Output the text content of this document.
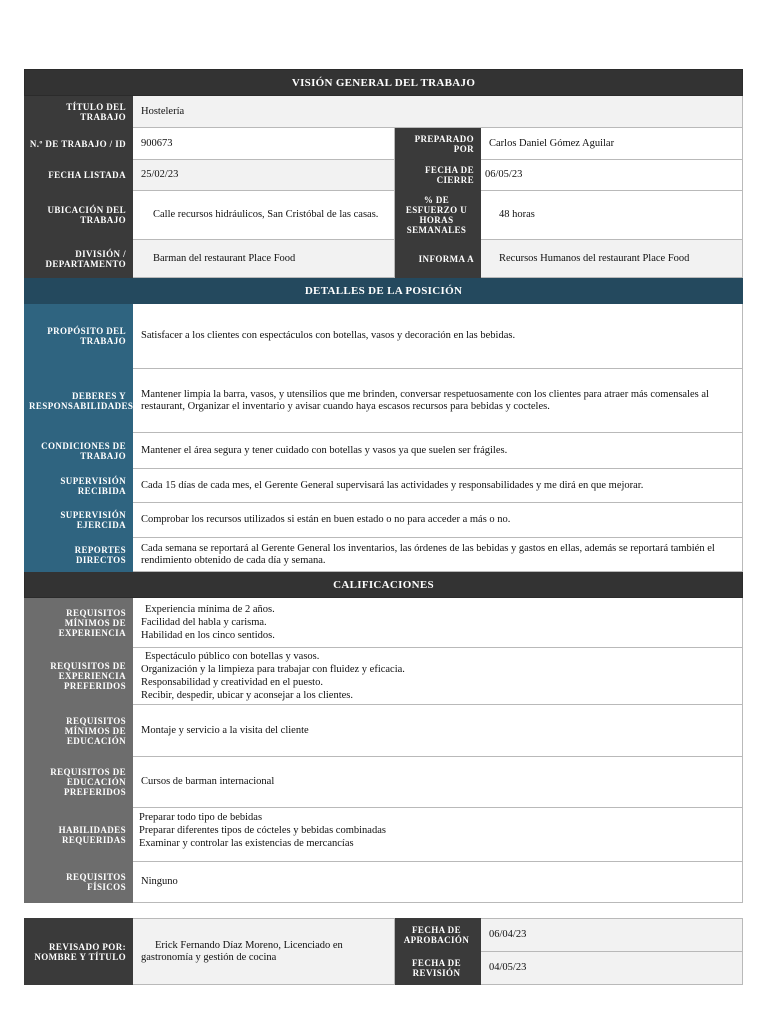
VISIÓN GENERAL DEL TRABAJO			
TÍTULO DEL TRABAJO	Hostelería		
N.º DE TRABAJO / ID	900673	PREPARADO POR	Carlos Daniel Gómez Aguilar
FECHA LISTADA	25/02/23	FECHA DE CIERRE	06/05/23
UBICACIÓN DEL TRABAJO	Calle recursos hidráulicos, San Cristóbal de las casas.	% DE ESFUERZO U HORAS SEMANALES	48 horas
DIVISIÓN / DEPARTAMENTO	Barman del restaurant Place Food	INFORMA A	Recursos Humanos del restaurant Place Food
DETALLES DE LA POSICIÓN			
PROPÓSITO DEL TRABAJO	Satisfacer a los clientes con espectáculos con botellas, vasos y decoración en las bebidas.		
DEBERES Y RESPONSABILIDADES	Mantener limpia la barra, vasos, y utensilios que me brinden, conversar respetuosamente con los clientes para atraer más comensales al restaurant, Organizar el inventario y avisar cuando haya escasos recursos para bebidas y cocteles.		
CONDICIONES DE TRABAJO	Mantener el área segura y tener cuidado con botellas y vasos ya que suelen ser frágiles.		
SUPERVISIÓN RECIBIDA	Cada 15 días de cada mes, el Gerente General supervisará las actividades y responsabilidades y me dirá en que mejorar.		
SUPERVISIÓN EJERCIDA	Comprobar los recursos utilizados si están en buen estado o no para acceder a más o no.		
REPORTES DIRECTOS	Cada semana se reportará al Gerente General los inventarios, las órdenes de las bebidas y gastos en ellas, además se reportará también el rendimiento obtenido de cada día y semana.		
CALIFICACIONES			
REQUISITOS MÍNIMOS DE EXPERIENCIA	Experiencia mínima de 2 años.
Facilidad del habla y carisma.
Habilidad en los cinco sentidos.		

REQUISITOS DE EXPERIENCIA PREFERIDOS	Espectáculo público con botellas y vasos.
Organización y la limpieza para trabajar con fluidez y eficacia.
Responsabilidad y creatividad en el puesto.
Recibir, despedir, ubicar y aconsejar a los clientes.		

REQUISITOS MÍNIMOS DE EDUCACIÓN	Montaje y servicio a la visita del cliente		
REQUISITOS DE EDUCACIÓN PREFERIDOS	Cursos de barman internacional		
HABILIDADES REQUERIDAS	Preparar todo tipo de bebidas
Preparar diferentes tipos de cócteles y bebidas combinadas
Examinar y controlar las existencias de mercancías		

REQUISITOS FÍSICOS	Ninguno		
REVISADO POR: NOMBRE Y TÍTULO	Erick Fernando Díaz Moreno, Licenciado en gastronomía y gestión de cocina	FECHA DE APROBACIÓN	06/04/23
		FECHA DE REVISIÓN	04/05/23
